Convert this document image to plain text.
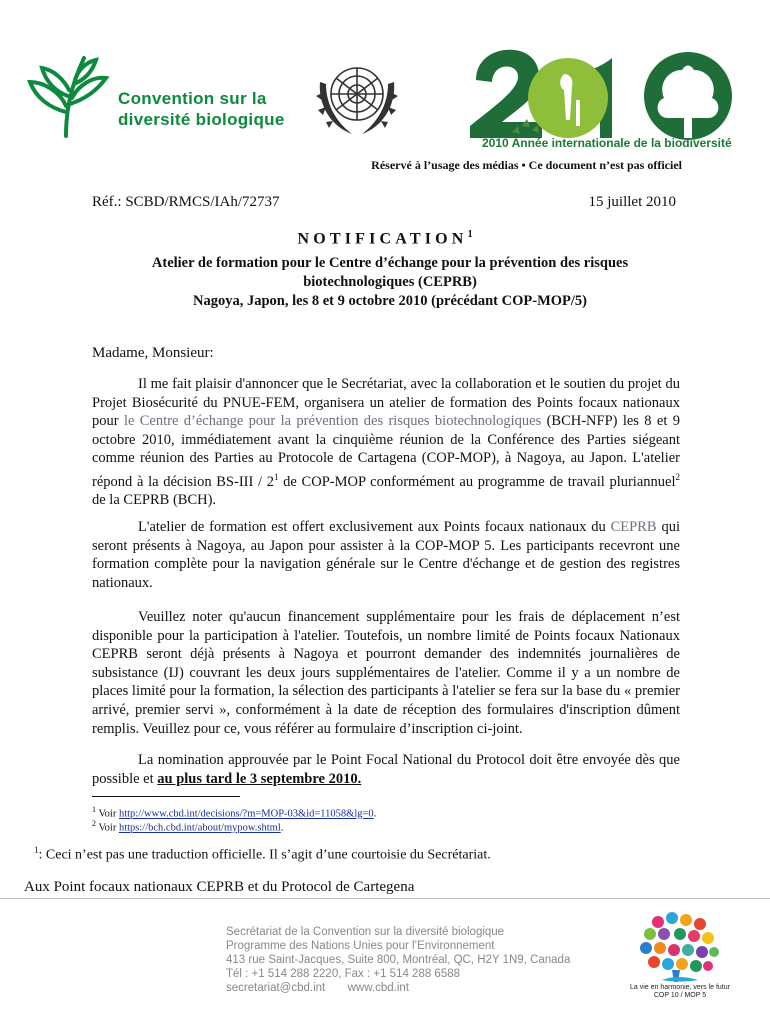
Convention sur la
diversité biologique
2010 Année internationale de la biodiversité
Réservé à l’usage des médias • Ce document n’est pas officiel
Réf.: SCBD/RMCS/IAh/72737	15 juillet 2010
NOTIFICATION$^1$
Atelier de formation pour le Centre d’échange pour la prévention des risques
biotechnologiques (CEPRB)
Nagoya, Japon, les 8 et 9 octobre 2010 (précédant COP-MOP/5)
Madame, Monsieur:

Il me fait plaisir d'annoncer que le Secrétariat, avec la collaboration et le soutien du projet du Projet Biosécurité du PNUE-FEM, organisera un atelier de formation des Points focaux nationaux pour le Centre d’échange pour la prévention des risques biotechnologiques (BCH-NFP) les 8 et 9 octobre 2010, immédiatement avant la cinquième réunion de la Conférence des Parties siégeant comme réunion des Parties au Protocole de Cartagena (COP-MOP), à Nagoya, au Japon. L'atelier répond à la décision $BS-III / 2^1$ de COP-MOP conformément au programme de travail pluriannuel$^2$ de la CEPRB (BCH).

L'atelier de formation est offert exclusivement aux Points focaux nationaux du CEPRB qui seront présents à Nagoya, au Japon pour assister à la COP-MOP 5. Les participants recevront une formation complète pour la navigation générale sur le Centre d'échange et de gestion des registres nationaux.

Veuillez noter qu'aucun financement supplémentaire pour les frais de déplacement n’est disponible pour la participation à l'atelier. Toutefois, un nombre limité de Points focaux Nationaux CEPRB seront déjà présents à Nagoya et pourront demander des indemnités journalières de subsistance (IJ) couvrant les deux jours supplémentaires de l'atelier. Comme il y a un nombre de places limité pour la formation, la sélection des participants à l'atelier se fera sur la base du « premier arrivé, premier servi », conformément à la date de réception des formulaires d'inscription dûment remplis. Veuillez pour ce, vous référer au formulaire d’inscription ci-joint.

La nomination approuvée par le Point Focal National du Protocol doit être envoyée dès que possible et au plus tard le 3 septembre 2010.

$^1$ Voir http://www.cbd.int/decisions/?m=MOP-03&id=11058&lg=0.
$^2$ Voir https://bch.cbd.int/about/mypow.shtml.
$^1$: Ceci n’est pas une traduction officielle. Il s’agit d’une courtoisie du Secrétariat.
Aux Point focaux nationaux CEPRB et du Protocol de Cartegena
Secrétariat de la Convention sur la diversité biologique
Programme des Nations Unies pour l’Environnement
413 rue Saint-Jacques, Suite 800, Montréal, QC, H2Y 1N9, Canada
Tél : +1 514 288 2220, Fax : +1 514 288 6588
secretariat@cbd.int       www.cbd.int	La vie en harmonie, vers le futur
COP 10 / MOP 5
